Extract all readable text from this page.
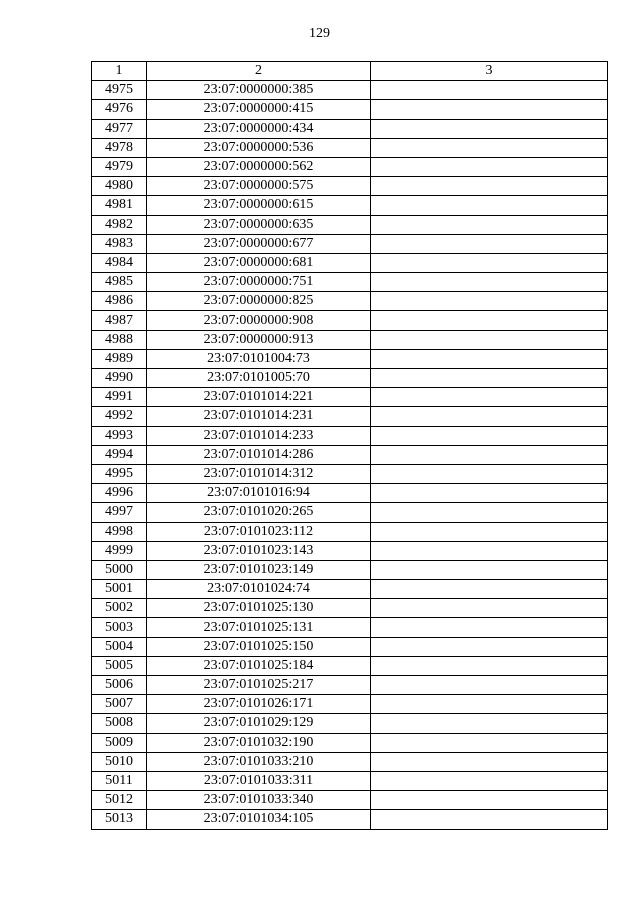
129
1	2	3
4975	23:07:0000000:385	
4976	23:07:0000000:415	
4977	23:07:0000000:434	
4978	23:07:0000000:536	
4979	23:07:0000000:562	
4980	23:07:0000000:575	
4981	23:07:0000000:615	
4982	23:07:0000000:635	
4983	23:07:0000000:677	
4984	23:07:0000000:681	
4985	23:07:0000000:751	
4986	23:07:0000000:825	
4987	23:07:0000000:908	
4988	23:07:0000000:913	
4989	23:07:0101004:73	
4990	23:07:0101005:70	
4991	23:07:0101014:221	
4992	23:07:0101014:231	
4993	23:07:0101014:233	
4994	23:07:0101014:286	
4995	23:07:0101014:312	
4996	23:07:0101016:94	
4997	23:07:0101020:265	
4998	23:07:0101023:112	
4999	23:07:0101023:143	
5000	23:07:0101023:149	
5001	23:07:0101024:74	
5002	23:07:0101025:130	
5003	23:07:0101025:131	
5004	23:07:0101025:150	
5005	23:07:0101025:184	
5006	23:07:0101025:217	
5007	23:07:0101026:171	
5008	23:07:0101029:129	
5009	23:07:0101032:190	
5010	23:07:0101033:210	
5011	23:07:0101033:311	
5012	23:07:0101033:340	
5013	23:07:0101034:105	
